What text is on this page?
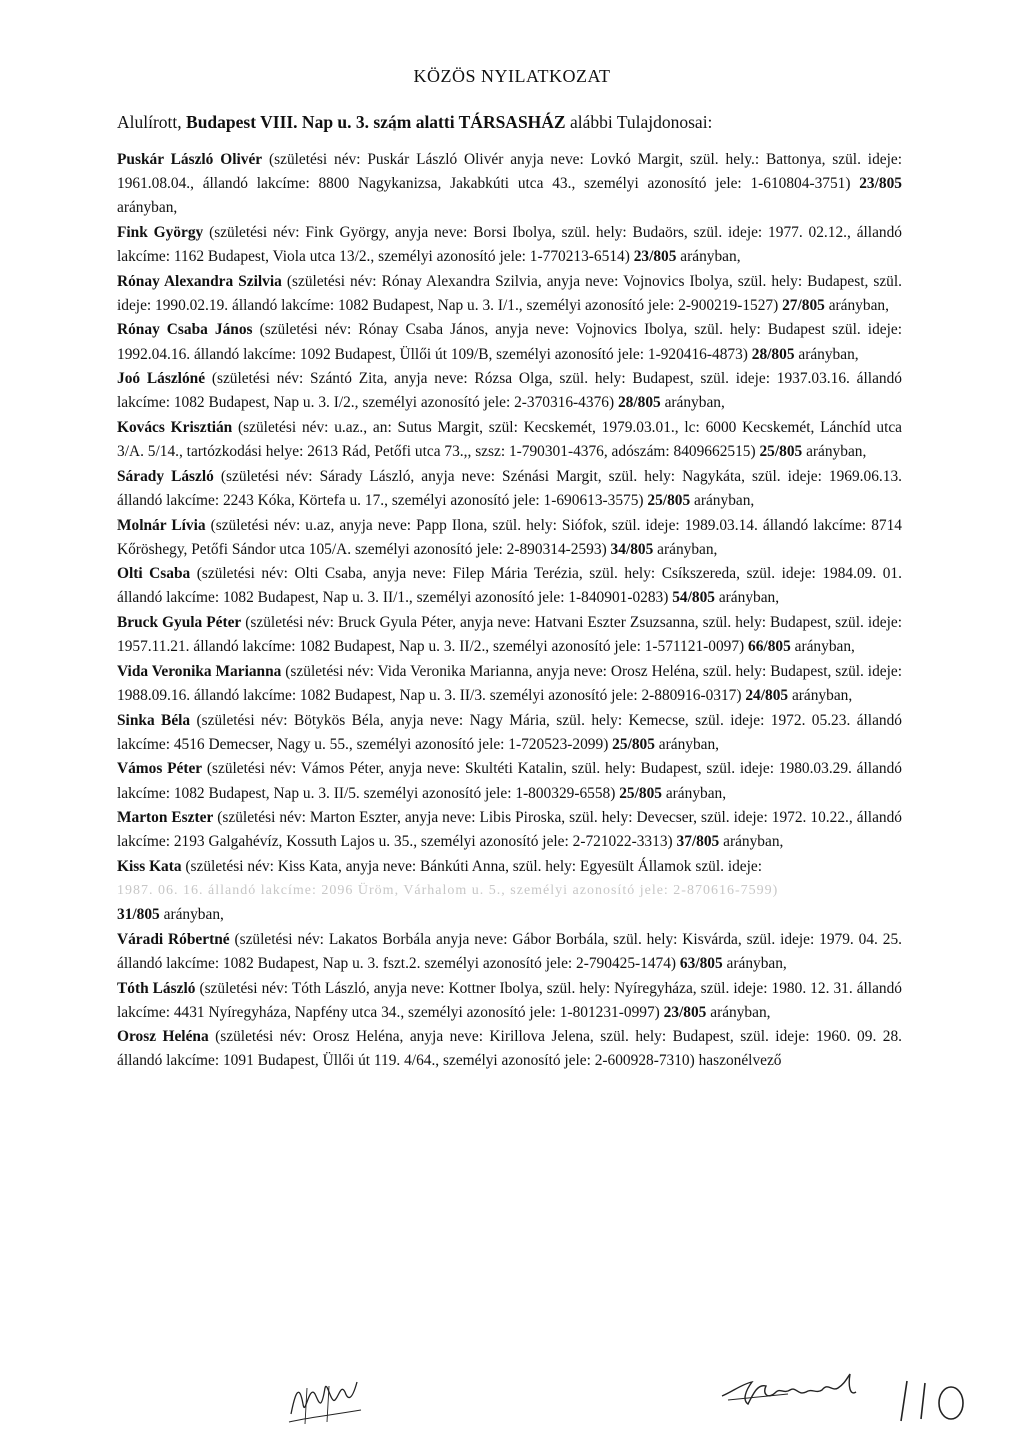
KÖZÖS NYILATKOZAT
Alulírott, Budapest VIII. Nap u. 3. szám alatti TÁRSASHÁZ alábbi Tulajdonosai:
Puskár László Olivér (születési név: Puskár László Olivér anyja neve: Lovkó Margit, szül. hely.: Battonya, szül. ideje: 1961.08.04., állandó lakcíme: 8800 Nagykanizsa, Jakabkúti utca 43., személyi azonosító jele: 1-610804-3751) 23/805 arányban,
Fink György (születési név: Fink György, anyja neve: Borsi Ibolya, szül. hely: Budaörs, szül. ideje: 1977. 02.12., állandó lakcíme: 1162 Budapest, Viola utca 13/2., személyi azonosító jele: 1-770213-6514) 23/805 arányban,
Rónay Alexandra Szilvia (születési név: Rónay Alexandra Szilvia, anyja neve: Vojnovics Ibolya, szül. hely: Budapest, szül. ideje: 1990.02.19. állandó lakcíme: 1082 Budapest, Nap u. 3. I/1., személyi azonosító jele: 2-900219-1527) 27/805 arányban,
Rónay Csaba János (születési név: Rónay Csaba János, anyja neve: Vojnovics Ibolya, szül. hely: Budapest szül. ideje: 1992.04.16. állandó lakcíme: 1092 Budapest, Üllői út 109/B, személyi azonosító jele: 1-920416-4873) 28/805 arányban,
Joó Lászlóné (születési név: Szántó Zita, anyja neve: Rózsa Olga, szül. hely: Budapest, szül. ideje: 1937.03.16. állandó lakcíme: 1082 Budapest, Nap u. 3. I/2., személyi azonosító jele: 2-370316-4376) 28/805 arányban,
Kovács Krisztián (születési név: u.az., an: Sutus Margit, szül: Kecskemét, 1979.03.01., lc: 6000 Kecskemét, Lánchíd utca 3/A. 5/14., tartózkodási helye: 2613 Rád, Petőfi utca 73.,, szsz: 1-790301-4376, adószám: 8409662515) 25/805 arányban,
Sárady László (születési név: Sárady László, anyja neve: Szénási Margit, szül. hely: Nagykáta, szül. ideje: 1969.06.13. állandó lakcíme: 2243 Kóka, Körtefa u. 17., személyi azonosító jele: 1-690613-3575) 25/805 arányban,
Molnár Lívia (születési név: u.az, anyja neve: Papp Ilona, szül. hely: Siófok, szül. ideje: 1989.03.14. állandó lakcíme: 8714 Kőröshegy, Petőfi Sándor utca 105/A. személyi azonosító jele: 2-890314-2593) 34/805 arányban,
Olti Csaba (születési név: Olti Csaba, anyja neve: Filep Mária Terézia, szül. hely: Csíkszereda, szül. ideje: 1984.09. 01. állandó lakcíme: 1082 Budapest, Nap u. 3. II/1., személyi azonosító jele: 1-840901-0283) 54/805 arányban,
Bruck Gyula Péter (születési név: Bruck Gyula Péter, anyja neve: Hatvani Eszter Zsuzsanna, szül. hely: Budapest, szül. ideje: 1957.11.21. állandó lakcíme: 1082 Budapest, Nap u. 3. II/2., személyi azonosító jele: 1-571121-0097) 66/805 arányban,
Vida Veronika Marianna (születési név: Vida Veronika Marianna, anyja neve: Orosz Heléna, szül. hely: Budapest, szül. ideje: 1988.09.16. állandó lakcíme: 1082 Budapest, Nap u. 3. II/3. személyi azonosító jele: 2-880916-0317) 24/805 arányban,
Sinka Béla (születési név: Bötykös Béla, anyja neve: Nagy Mária, szül. hely: Kemecse, szül. ideje: 1972. 05.23. állandó lakcíme: 4516 Demecser, Nagy u. 55., személyi azonosító jele: 1-720523-2099) 25/805 arányban,
Vámos Péter (születési név: Vámos Péter, anyja neve: Skultéti Katalin, szül. hely: Budapest, szül. ideje: 1980.03.29. állandó lakcíme: 1082 Budapest, Nap u. 3. II/5. személyi azonosító jele: 1-800329-6558) 25/805 arányban,
Marton Eszter (születési név: Marton Eszter, anyja neve: Libis Piroska, szül. hely: Devecser, szül. ideje: 1972. 10.22., állandó lakcíme: 2193 Galgahévíz, Kossuth Lajos u. 35., személyi azonosító jele: 2-721022-3313) 37/805 arányban,
Kiss Kata (születési név: Kiss Kata, anyja neve: Bánkúti Anna, szül. hely: Egyesült Államok szül. ideje:
1987. 06. 16. állandó lakcíme: 2096 Üröm, Várhalom u. 5., személyi azonosító jele: 2-870616-7599)
31/805 arányban,
Váradi Róbertné (születési név: Lakatos Borbála anyja neve: Gábor Borbála, szül. hely: Kisvárda, szül. ideje: 1979. 04. 25. állandó lakcíme: 1082 Budapest, Nap u. 3. fszt.2. személyi azonosító jele: 2-790425-1474) 63/805 arányban,
Tóth László (születési név: Tóth László, anyja neve: Kottner Ibolya, szül. hely: Nyíregyháza, szül. ideje: 1980. 12. 31. állandó lakcíme: 4431 Nyíregyháza, Napfény utca 34., személyi azonosító jele: 1-801231-0997) 23/805 arányban,
Orosz Heléna (születési név: Orosz Heléna, anyja neve: Kirillova Jelena, szül. hely: Budapest, szül. ideje: 1960. 09. 28. állandó lakcíme: 1091 Budapest, Üllői út 119. 4/64., személyi azonosító jele: 2-600928-7310) haszonélvező
